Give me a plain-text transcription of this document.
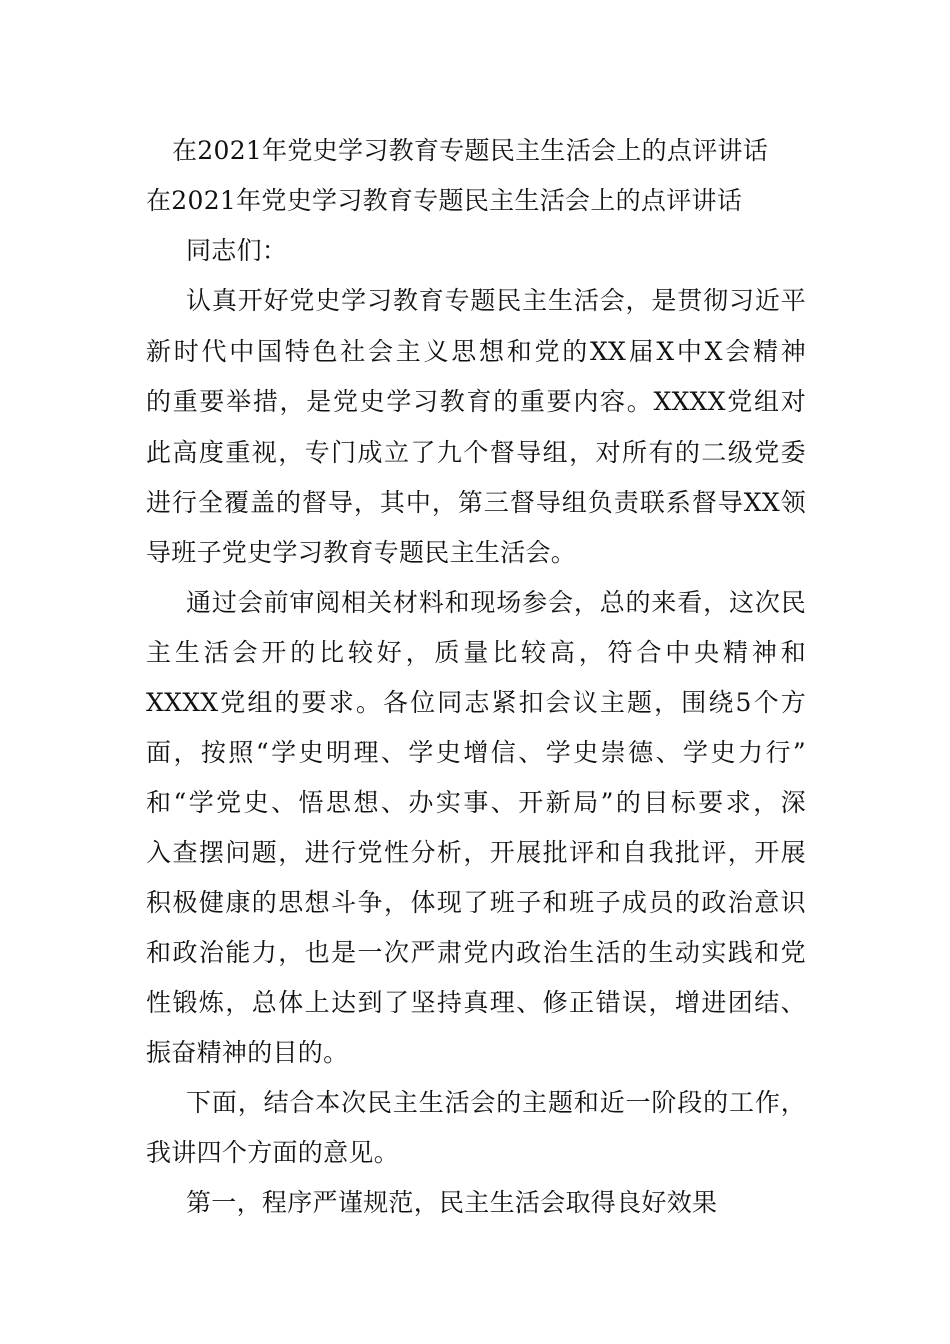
在2021年党史学习教育专题民主生活会上的点评讲话
在2021年党史学习教育专题民主生活会上的点评讲话
同志们：
认真开好党史学习教育专题民主生活会，是贯彻习近平
新时代中国特色社会主义思想和党的XX届X中X会精神
的重要举措，是党史学习教育的重要内容。XXXX党组对
此高度重视，专门成立了九个督导组，对所有的二级党委
进行全覆盖的督导，其中，第三督导组负责联系督导XX领
导班子党史学习教育专题民主生活会。
通过会前审阅相关材料和现场参会，总的来看，这次民
主生活会开的比较好，质量比较高，符合中央精神和
XXXX党组的要求。各位同志紧扣会议主题，围绕5个方
面，按照“学史明理、学史增信、学史崇德、学史力行”
和“学党史、悟思想、办实事、开新局”的目标要求，深
入查摆问题，进行党性分析，开展批评和自我批评，开展
积极健康的思想斗争，体现了班子和班子成员的政治意识
和政治能力，也是一次严肃党内政治生活的生动实践和党
性锻炼，总体上达到了坚持真理、修正错误，增进团结、
振奋精神的目的。
下面，结合本次民主生活会的主题和近一阶段的工作，
我讲四个方面的意见。
第一，程序严谨规范，民主生活会取得良好效果
